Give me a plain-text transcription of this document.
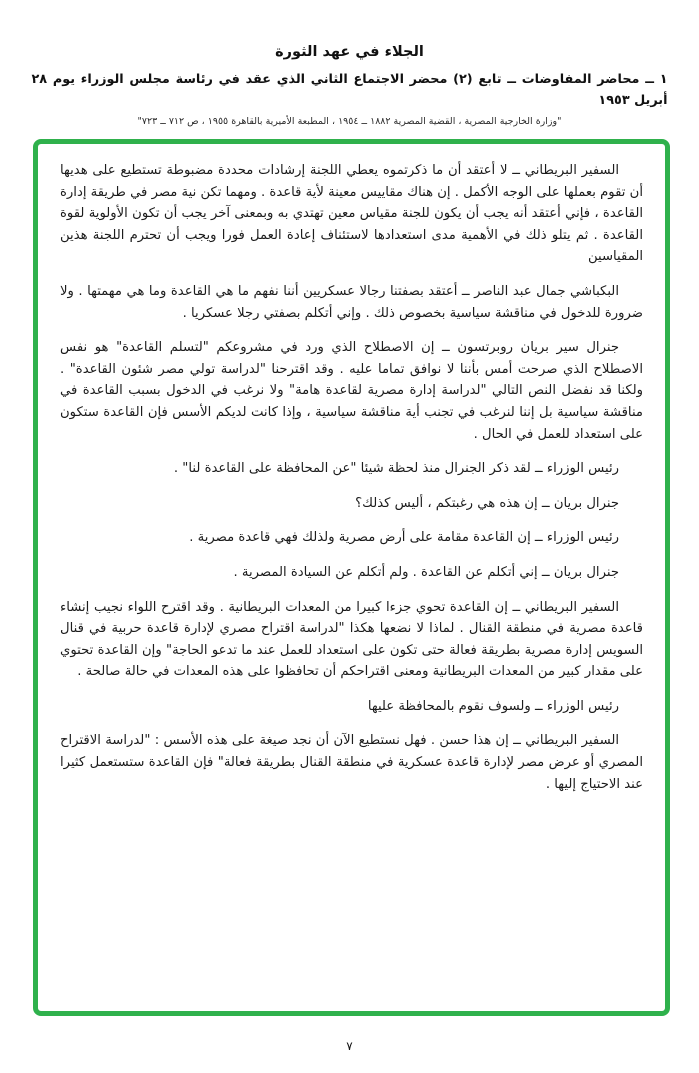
الجلاء في عهد الثورة
١ ــ محاضر المفاوضات ــ تابع (٢) محضر الاجتماع الثاني الذي عقد في رئاسة مجلس الوزراء يوم ٢٨ أبريل ١٩٥٣
"وزارة الخارجية المصرية ، القضية المصرية ١٨٨٢ ــ ١٩٥٤ ، المطبعة الأميرية بالقاهرة ١٩٥٥ ، ص ٧١٢ ــ ٧٢٣"

السفير البريطاني ــ لا أعتقد أن ما ذكرتموه يعطي اللجنة إرشادات محددة مضبوطة تستطيع على هديها أن تقوم بعملها على الوجه الأكمل . إن هناك مقاييس معينة لأية قاعدة . ومهما تكن نية مصر في طريقة إدارة القاعدة ، فإني أعتقد أنه يجب أن يكون للجنة مقياس معين تهتدي به وبمعنى آخر يجب أن تكون الأولوية لقوة القاعدة . ثم يتلو ذلك في الأهمية مدى استعدادها لاستئناف إعادة العمل فورا ويجب أن تحترم اللجنة هذين المقياسين

البكباشي جمال عبد الناصر ــ أعتقد بصفتنا رجالا عسكريين أننا نفهم ما هي القاعدة وما هي مهمتها . ولا ضرورة للدخول في مناقشة سياسية بخصوص ذلك . وإني أتكلم بصفتي رجلا عسكريا .

جنرال سير بريان روبرتسون ــ إن الاصطلاح الذي ورد في مشروعكم "لتسلم القاعدة" هو نفس الاصطلاح الذي صرحت أمس بأننا لا نوافق تماما عليه . وقد اقترحنا "لدراسة تولي مصر شئون القاعدة" . ولكنا قد نفضل النص التالي "لدراسة إدارة مصرية لقاعدة هامة" ولا نرغب في الدخول بسبب القاعدة في مناقشة سياسية بل إننا لنرغب في تجنب أية مناقشة سياسية ، وإذا كانت لديكم الأسس فإن القاعدة ستكون على استعداد للعمل في الحال .

رئيس الوزراء ــ لقد ذكر الجنرال منذ لحظة شيئا "عن المحافظة على القاعدة لنا" .

جنرال بريان ــ إن هذه هي رغبتكم ، أليس كذلك؟

رئيس الوزراء ــ إن القاعدة مقامة على أرض مصرية ولذلك فهي قاعدة مصرية .

جنرال بريان ــ إني أتكلم عن القاعدة . ولم أتكلم عن السيادة المصرية .

السفير البريطاني ــ إن القاعدة تحوي جزءا كبيرا من المعدات البريطانية . وقد اقترح اللواء نجيب إنشاء قاعدة مصرية في منطقة القنال . لماذا لا نضعها هكذا "لدراسة اقتراح مصري لإدارة قاعدة حربية في قنال السويس إدارة مصرية بطريقة فعالة حتى تكون على استعداد للعمل عند ما تدعو الحاجة" وإن القاعدة تحتوي على مقدار كبير من المعدات البريطانية ومعنى اقتراحكم أن تحافظوا على هذه المعدات في حالة صالحة .

رئيس الوزراء ــ ولسوف نقوم بالمحافظة عليها

السفير البريطاني ــ إن هذا حسن . فهل نستطيع الآن أن نجد صيغة على هذه الأسس : "لدراسة الاقتراح المصري أو عرض مصر لإدارة قاعدة عسكرية في منطقة القنال بطريقة فعالة" فإن القاعدة ستستعمل كثيرا عند الاحتياج إليها .

٧
